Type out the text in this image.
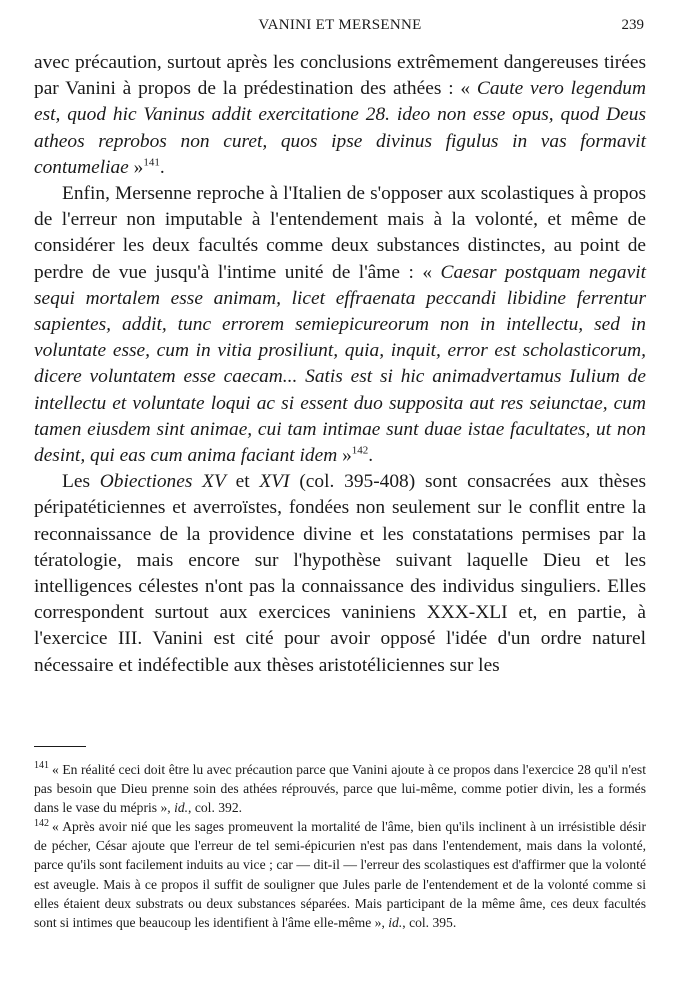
VANINI ET MERSENNE	239

avec précaution, surtout après les conclusions extrêmement dangereuses tirées par Vanini à propos de la prédestination des athées : « Caute vero legendum est, quod hic Vaninus addit exercitatione 28. ideo non esse opus, quod Deus atheos reprobos non curet, quos ipse divinus figulus in vas formavit contumeliae »$^{141}$.

Enfin, Mersenne reproche à l'Italien de s'opposer aux scolastiques à propos de l'erreur non imputable à l'entendement mais à la volonté, et même de considérer les deux facultés comme deux substances distinctes, au point de perdre de vue jusqu'à l'intime unité de l'âme : « Caesar postquam negavit sequi mortalem esse animam, licet effraenata peccandi libidine ferrentur sapientes, addit, tunc errorem semiepicureorum non in intellectu, sed in voluntate esse, cum in vitia prosiliunt, quia, inquit, error est scholasticorum, dicere voluntatem esse caecam... Satis est si hic animadvertamus Iulium de intellectu et voluntate loqui ac si essent duo supposita aut res seiunctae, cum tamen eiusdem sint animae, cui tam intimae sunt duae istae facultates, ut non desint, qui eas cum anima faciant idem »$^{142}$.

Les Obiectiones XV et XVI (col. 395-408) sont consacrées aux thèses péripatéticiennes et averroïstes, fondées non seulement sur le conflit entre la reconnaissance de la providence divine et les constatations permises par la tératologie, mais encore sur l'hypothèse suivant laquelle Dieu et les intelligences célestes n'ont pas la connaissance des individus singuliers. Elles correspondent surtout aux exercices vaniniens XXX-XLI et, en partie, à l'exercice III. Vanini est cité pour avoir opposé l'idée d'un ordre naturel nécessaire et indéfectible aux thèses aristotéliciennes sur les

$^{141}$ « En réalité ceci doit être lu avec précaution parce que Vanini ajoute à ce propos dans l'exercice 28 qu'il n'est pas besoin que Dieu prenne soin des athées réprouvés, parce que lui-même, comme potier divin, les a formés dans le vase du mépris », id., col. 392.

$^{142}$ « Après avoir nié que les sages promeuvent la mortalité de l'âme, bien qu'ils inclinent à un irrésistible désir de pécher, César ajoute que l'erreur de tel semi-épicurien n'est pas dans l'entendement, mais dans la volonté, parce qu'ils sont facilement induits au vice ; car — dit-il — l'erreur des scolastiques est d'affirmer que la volonté est aveugle. Mais à ce propos il suffit de souligner que Jules parle de l'entendement et de la volonté comme si elles étaient deux substrats ou deux substances séparées. Mais participant de la même âme, ces deux facultés sont si intimes que beaucoup les identifient à l'âme elle-même », id., col. 395.
